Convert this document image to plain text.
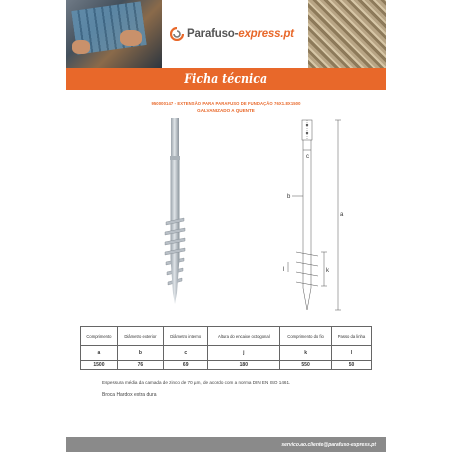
Parafuso-express.pt
Ficha técnica
950000147 - EXTENSÃO PARA PARAFUSO DE FUNDAÇÃO 76X1.8X1500
GALVANIZADO A QUENTE
c
b
a
l	k
Comprimento	Diâmetro exterior	Diâmetro interno	Altura do encaixe octogonal	Comprimento do fio	Passo da linha
a	b	c	j	k	l
1500	76	69	180	550	50
Espessura média da camada de zinco de 70 µm, de acordo com a norma DIN EN ISO 1461.
Broca Hardox extra dura
servico.ao.cliente@parafuso-express.pt
